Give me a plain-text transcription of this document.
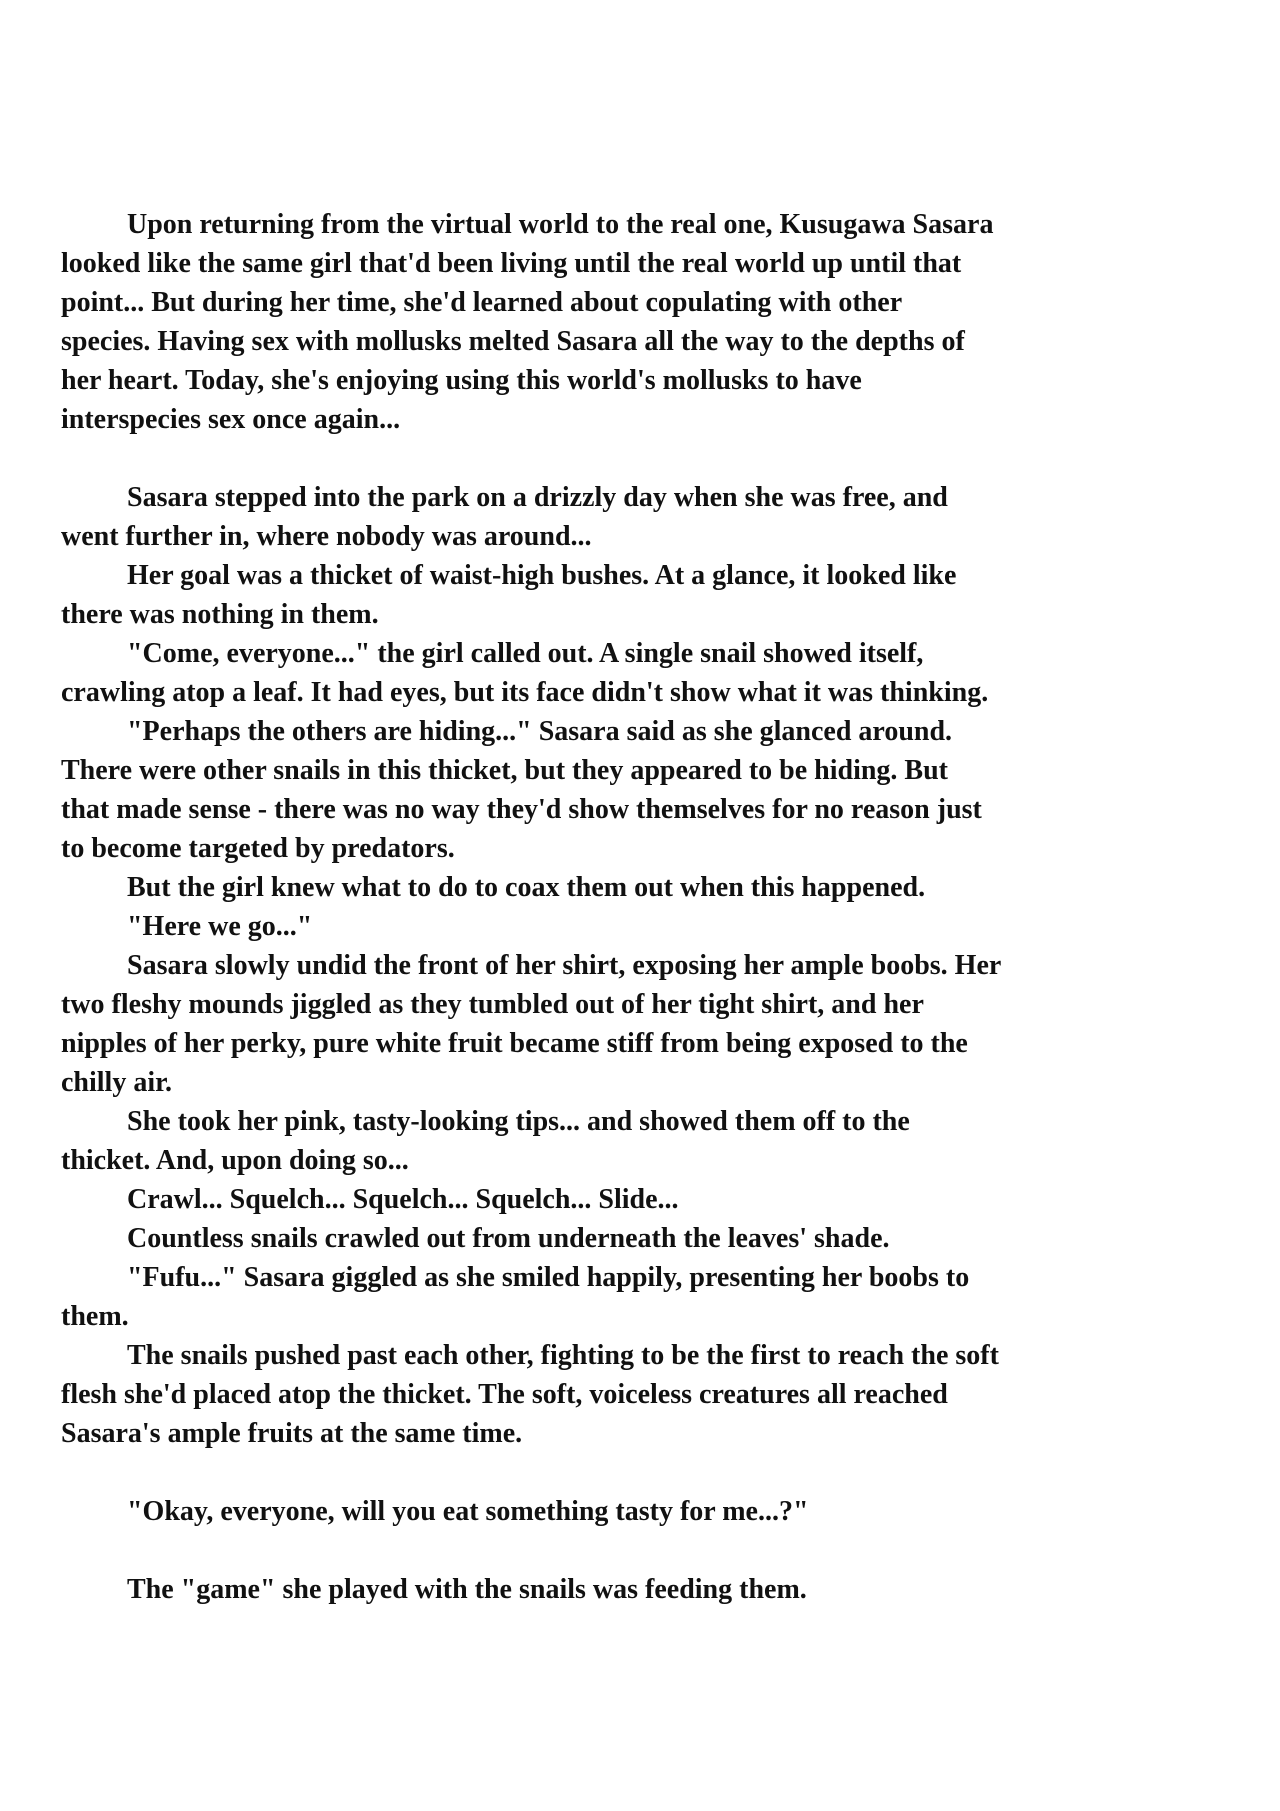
Upon returning from the virtual world to the real one, Kusugawa Sasara
looked like the same girl that'd been living until the real world up until that
point... But during her time, she'd learned about copulating with other
species. Having sex with mollusks melted Sasara all the way to the depths of
her heart. Today, she's enjoying using this world's mollusks to have
interspecies sex once again...
Sasara stepped into the park on a drizzly day when she was free, and
went further in, where nobody was around...
Her goal was a thicket of waist-high bushes. At a glance, it looked like
there was nothing in them.
"Come, everyone..." the girl called out. A single snail showed itself,
crawling atop a leaf. It had eyes, but its face didn't show what it was thinking.
"Perhaps the others are hiding..." Sasara said as she glanced around.
There were other snails in this thicket, but they appeared to be hiding. But
that made sense - there was no way they'd show themselves for no reason just
to become targeted by predators.
But the girl knew what to do to coax them out when this happened.
"Here we go..."
Sasara slowly undid the front of her shirt, exposing her ample boobs. Her
two fleshy mounds jiggled as they tumbled out of her tight shirt, and her
nipples of her perky, pure white fruit became stiff from being exposed to the
chilly air.
She took her pink, tasty-looking tips... and showed them off to the
thicket. And, upon doing so...
Crawl... Squelch... Squelch... Squelch... Slide...
Countless snails crawled out from underneath the leaves' shade.
"Fufu..." Sasara giggled as she smiled happily, presenting her boobs to
them.
The snails pushed past each other, fighting to be the first to reach the soft
flesh she'd placed atop the thicket. The soft, voiceless creatures all reached
Sasara's ample fruits at the same time.
"Okay, everyone, will you eat something tasty for me...?"
The "game" she played with the snails was feeding them.
